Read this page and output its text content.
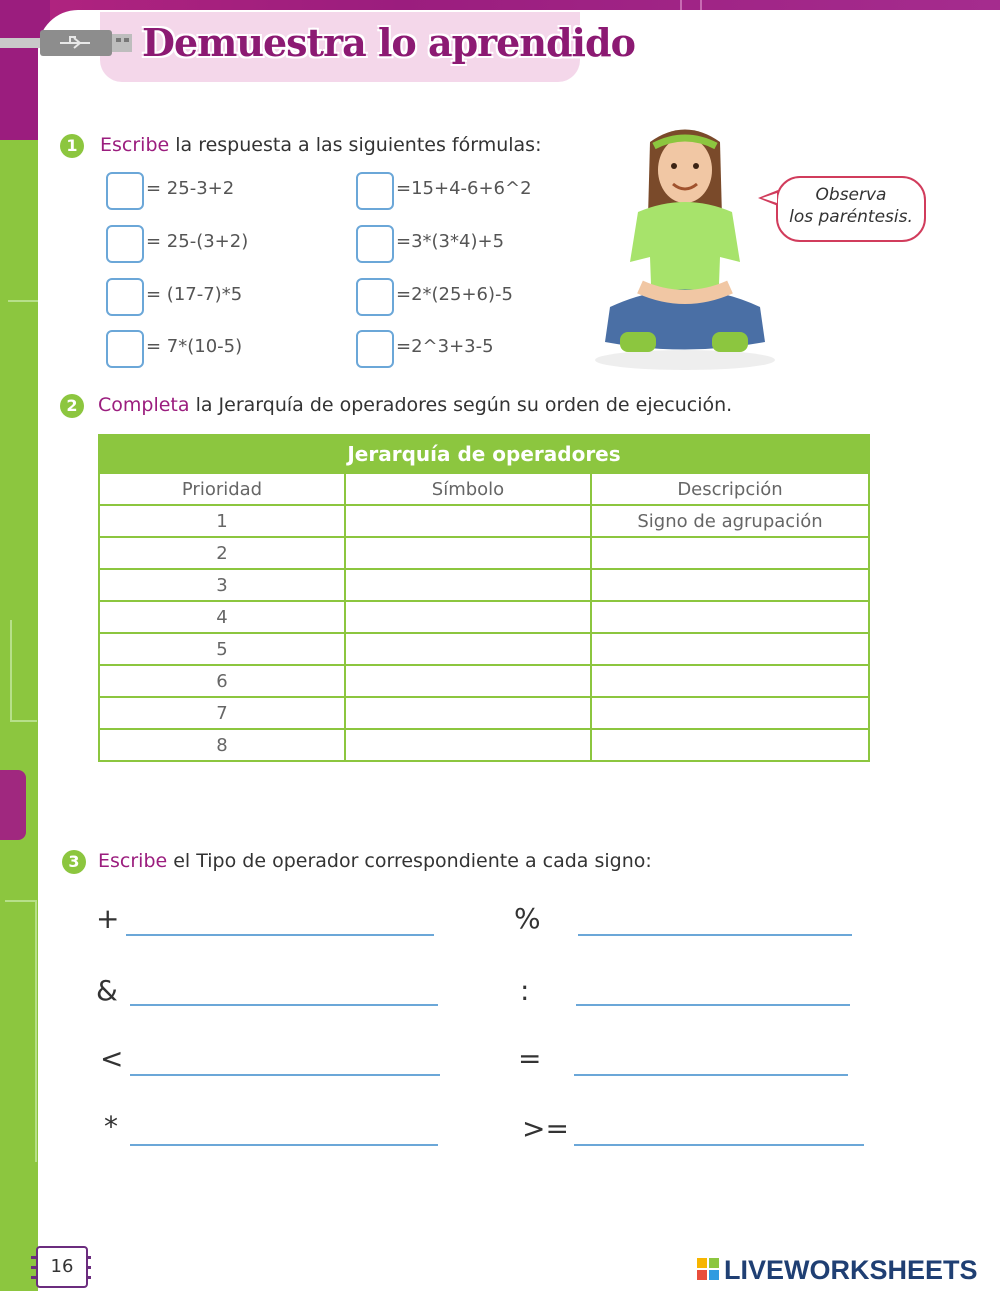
Demuestra lo aprendido
1	Escribe la respuesta a las siguientes fórmulas:
= 25-3+2
= 25-(3+2)
= (17-7)*5
= 7*(10-5)
=15+4-6+6^2
=3*(3*4)+5
=2*(25+6)-5
=2^3+3-5
Observa
los paréntesis.
2	Completa la Jerarquía de operadores según su orden de ejecución.
Jerarquía de operadores		
Prioridad	Símbolo	Descripción
1		Signo de agrupación
2		
3		
4		
5		
6		
7		
8		
3 Escribe el Tipo de operador correspondiente a cada signo:
+
&
<
*
%
:
=
>=
16	LIVEWORKSHEETS
